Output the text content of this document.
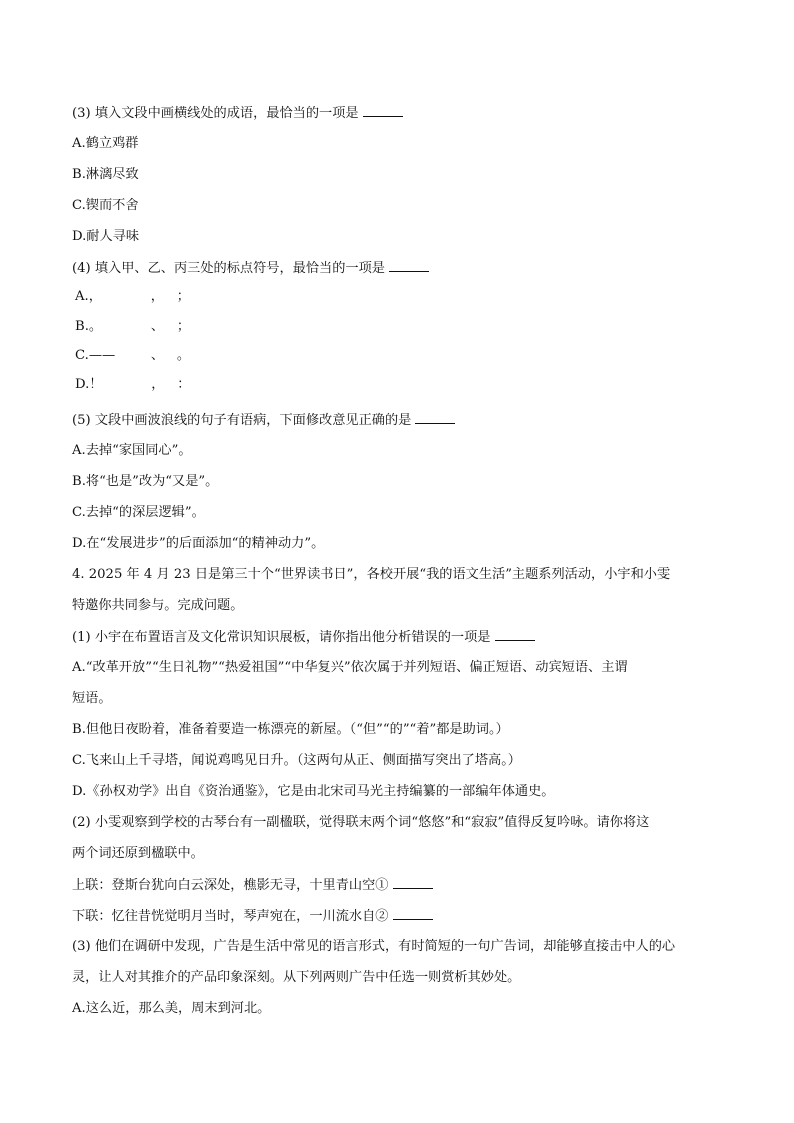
(3) 填入文段中画横线处的成语，最恰当的一项是
A.鹤立鸡群
B.淋漓尽致
C.锲而不舍
D.耐人寻味
(4) 填入甲、乙、丙三处的标点符号，最恰当的一项是
A.，	， ；
B.。	、 ；
C.——	、 。
D.！	， ：
(5) 文段中画波浪线的句子有语病，下面修改意见正确的是
A.去掉“家国同心”。
B.将“也是”改为“又是”。
C.去掉“的深层逻辑”。
D.在“发展进步”的后面添加“的精神动力”。
4. 2025 年 4 月 23 日是第三十个“世界读书日”，各校开展“我的语文生活”主题系列活动，小宇和小雯
特邀你共同参与。完成问题。
(1) 小宇在布置语言及文化常识知识展板，请你指出他分析错误的一项是
A.“改革开放”“生日礼物”“热爱祖国”“中华复兴”依次属于并列短语、偏正短语、动宾短语、主谓
短语。
B.但他日夜盼着，准备着要造一栋漂亮的新屋。（“但”“的”“着”都是助词。）
C.飞来山上千寻塔，闻说鸡鸣见日升。（这两句从正、侧面描写突出了塔高。）
D.《孙权劝学》出自《资治通鉴》，它是由北宋司马光主持编纂的一部编年体通史。
(2) 小雯观察到学校的古琴台有一副楹联，觉得联末两个词“悠悠”和“寂寂”值得反复吟咏。请你将这
两个词还原到楹联中。
上联：登斯台犹向白云深处，樵影无寻，十里青山空①
下联：忆往昔恍觉明月当时，琴声宛在，一川流水自②
(3) 他们在调研中发现，广告是生活中常见的语言形式，有时简短的一句广告词，却能够直接击中人的心
灵，让人对其推介的产品印象深刻。从下列两则广告中任选一则赏析其妙处。
A.这么近，那么美，周末到河北。
